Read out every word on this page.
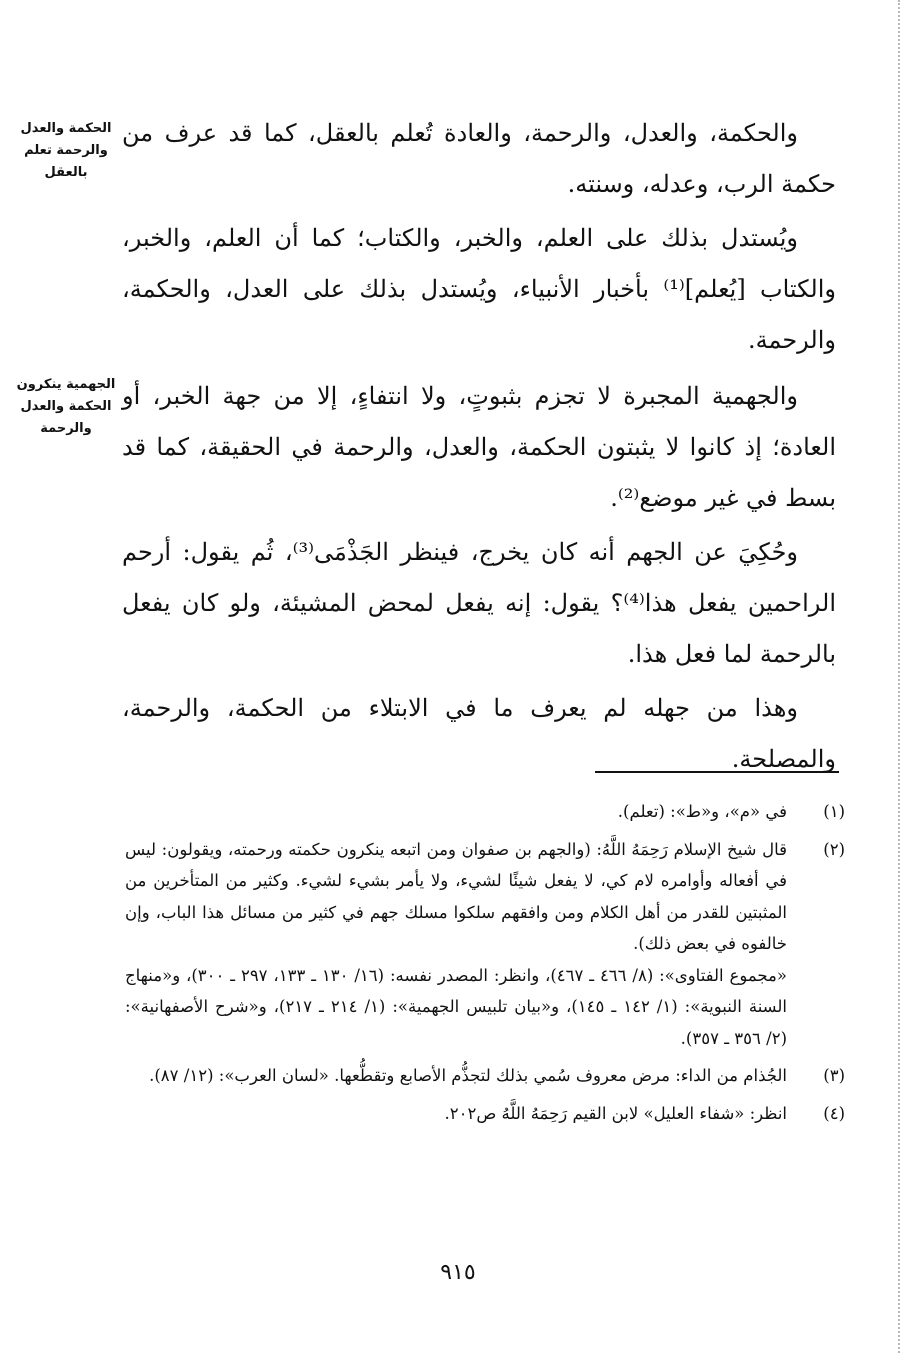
الحكمة والعدل والرحمة تعلم بالعقل
الجهمية ينكرون الحكمة والعدل والرحمة

والحكمة، والعدل، والرحمة، والعادة تُعلم بالعقل، كما قد عرف من حكمة الرب، وعدله، وسنته.

ويُستدل بذلك على العلم، والخبر، والكتاب؛ كما أن العلم، والخبر، والكتاب [يُعلم]⁽¹⁾ بأخبار الأنبياء، ويُستدل بذلك على العدل، والحكمة، والرحمة.

والجهمية المجبرة لا تجزم بثبوتٍ، ولا انتفاءٍ، إلا من جهة الخبر، أو العادة؛ إذ كانوا لا يثبتون الحكمة، والعدل، والرحمة في الحقيقة، كما قد بسط في غير موضع⁽²⁾.

وحُكِيَ عن الجهم أنه كان يخرج، فينظر الجَذْمَى⁽³⁾، ثُم يقول: أرحم الراحمين يفعل هذا⁽⁴⁾؟ يقول: إنه يفعل لمحض المشيئة، ولو كان يفعل بالرحمة لما فعل هذا.

وهذا من جهله لم يعرف ما في الابتلاء من الحكمة، والرحمة، والمصلحة.

(١)
في «م»، و«ط»: (تعلم).
(٢)
قال شيخ الإسلام رَحِمَهُ اللَّهُ: (والجهم بن صفوان ومن اتبعه ينكرون حكمته ورحمته، ويقولون: ليس في أفعاله وأوامره لام كي، لا يفعل شيئًا لشيء، ولا يأمر بشيء لشيء. وكثير من المتأخرين من المثبتين للقدر من أهل الكلام ومن وافقهم سلكوا مسلك جهم في كثير من مسائل هذا الباب، وإن خالفوه في بعض ذلك).
«مجموع الفتاوى»: (٨/ ٤٦٦ ـ ٤٦٧)، وانظر: المصدر نفسه: (١٦/ ١٣٠ ـ ١٣٣، ٢٩٧ ـ ٣٠٠)، و«منهاج السنة النبوية»: (١/ ١٤٢ ـ ١٤٥)، و«بيان تلبيس الجهمية»: (١/ ٢١٤ ـ ٢١٧)، و«شرح الأصفهانية»: (٢/ ٣٥٦ ـ ٣٥٧).
(٣)
الجُذام من الداء: مرض معروف سُمي بذلك لتجذُّم الأصابع وتقطُّعها. «لسان العرب»: (١٢/ ٨٧).
(٤)
انظر: «شفاء العليل» لابن القيم رَحِمَهُ اللَّهُ ص٢٠٢.
٩١٥
